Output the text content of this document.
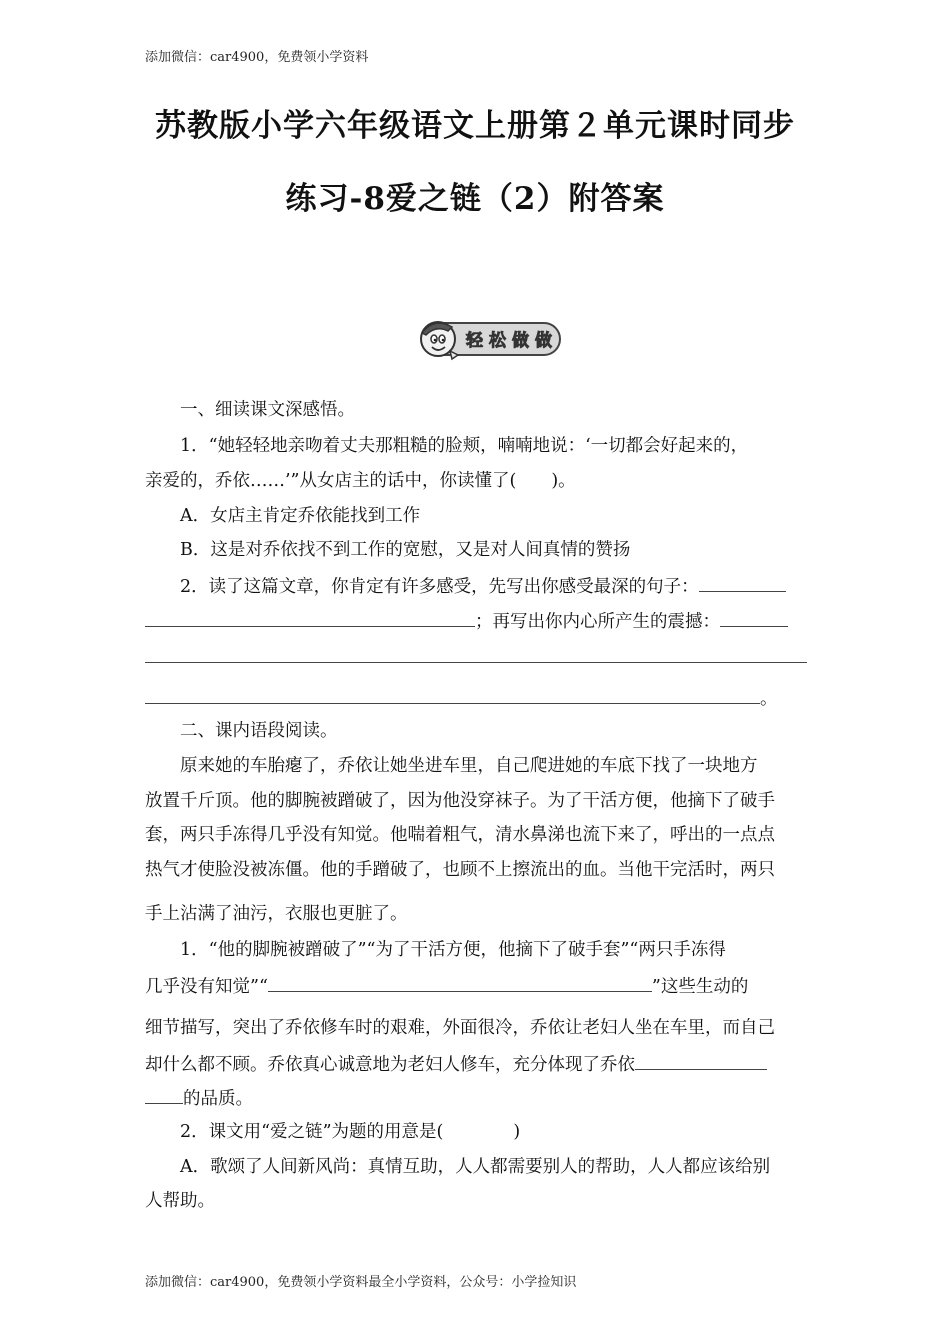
添加微信：car4900，免费领小学资料
苏教版小学六年级语文上册第２单元课时同步
练习-8爱之链（2）附答案
轻 松 做 做
一、细读课文深感悟。
1．“她轻轻地亲吻着丈夫那粗糙的脸颊，喃喃地说：‘一切都会好起来的，
亲爱的，乔依……’”从女店主的话中，你读懂了(　　)。
A．女店主肯定乔依能找到工作
B．这是对乔依找不到工作的宽慰，又是对人间真情的赞扬
2．读了这篇文章，你肯定有许多感受，先写出你感受最深的句子：
；再写出你内心所产生的震撼：
。
二、课内语段阅读。
原来她的车胎瘪了，乔依让她坐进车里，自己爬进她的车底下找了一块地方
放置千斤顶。他的脚腕被蹭破了，因为他没穿袜子。为了干活方便，他摘下了破手
套，两只手冻得几乎没有知觉。他喘着粗气，清水鼻涕也流下来了，呼出的一点点
热气才使脸没被冻僵。他的手蹭破了，也顾不上擦流出的血。当他干完活时，两只
手上沾满了油污，衣服也更脏了。
1．“他的脚腕被蹭破了”“为了干活方便，他摘下了破手套”“两只手冻得
几乎没有知觉”“	”这些生动的
细节描写，突出了乔依修车时的艰难，外面很冷，乔依让老妇人坐在车里，而自己
却什么都不顾。乔依真心诚意地为老妇人修车，充分体现了乔依
的品质。
2．课文用“爱之链”为题的用意是(　　　　)
A．歌颂了人间新风尚：真情互助，人人都需要别人的帮助，人人都应该给别
人帮助。
添加微信：car4900，免费领小学资料最全小学资料，公众号：小学捡知识
